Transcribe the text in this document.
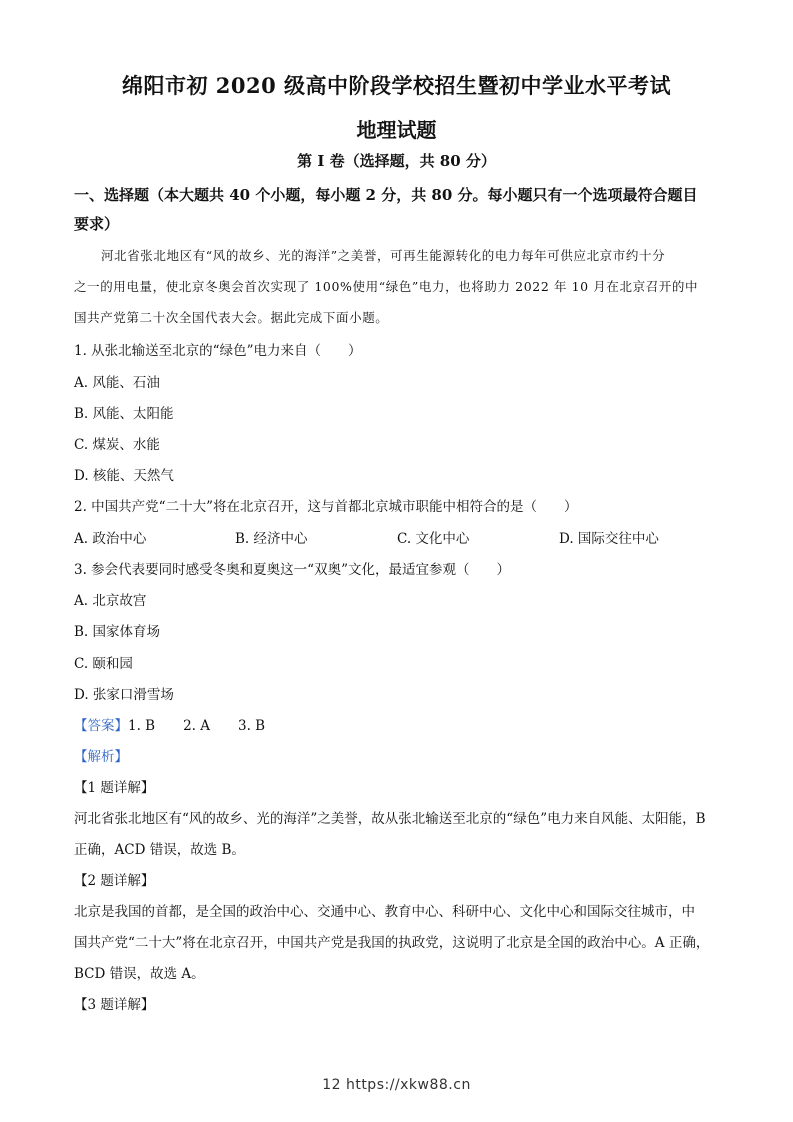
绵阳市初 2020 级高中阶段学校招生暨初中学业水平考试
地理试题
第 I 卷（选择题，共 80 分）
一、选择题（本大题共 40 个小题，每小题 2 分，共 80 分。每小题只有一个选项最符合题目
要求）
河北省张北地区有“风的故乡、光的海洋”之美誉，可再生能源转化的电力每年可供应北京市约十分
之一的用电量，使北京冬奥会首次实现了 100%使用“绿色”电力，也将助力 2022 年 10 月在北京召开的中
国共产党第二十次全国代表大会。据此完成下面小题。
1. 从张北输送至北京的“绿色”电力来自（　　）
A. 风能、石油
B. 风能、太阳能
C. 煤炭、水能
D. 核能、天然气
2. 中国共产党“二十大”将在北京召开，这与首都北京城市职能中相符合的是（　　）
A. 政治中心	B. 经济中心	C. 文化中心	D. 国际交往中心
3. 参会代表要同时感受冬奥和夏奥这一“双奥”文化，最适宜参观（　　）
A. 北京故宫
B. 国家体育场
C. 颐和园
D. 张家口滑雪场
【答案】1. B 2. A 3. B
【解析】
【1 题详解】
河北省张北地区有“风的故乡、光的海洋”之美誉，故从张北输送至北京的“绿色”电力来自风能、太阳能，B
正确，ACD 错误，故选 B。
【2 题详解】
北京是我国的首都，是全国的政治中心、交通中心、教育中心、科研中心、文化中心和国际交往城市，中
国共产党“二十大”将在北京召开，中国共产党是我国的执政党，这说明了北京是全国的政治中心。A 正确，
BCD 错误，故选 A。
【3 题详解】
12 https://xkw88.cn
